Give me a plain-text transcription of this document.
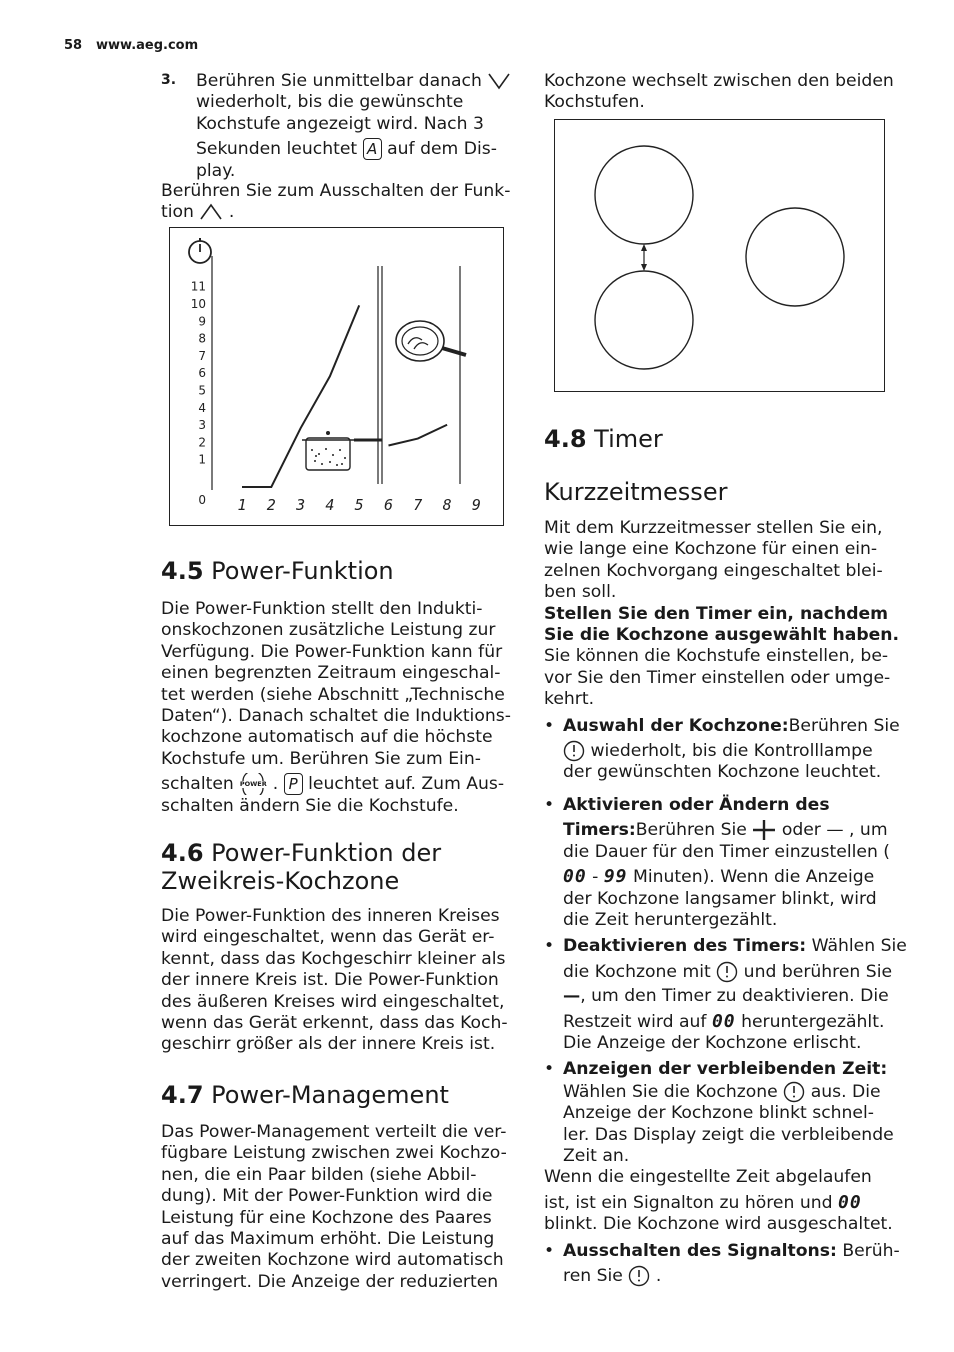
58 www.aeg.com
3. Berühren Sie unmittelbar danach
wiederholt, bis die gewünschte
Kochstufe angezeigt wird. Nach 3
Sekunden leuchtet A auf dem Dis-
play.
Berühren Sie zum Ausschalten der Funk-
tion .
11
10
9
8
7
6
5
4
3
2
1
0 1 2 3 4 5 6 7 8 9
4.5 Power-Funktion
Die Power-Funktion stellt den Indukti-
onskochzonen zusätzliche Leistung zur
Verfügung. Die Power-Funktion kann für
einen begrenzten Zeitraum eingeschal-
tet werden (siehe Abschnitt „Technische
Daten“). Danach schaltet die Induktions-
kochzone automatisch auf die höchste
Kochstufe um. Berühren Sie zum Ein-
schalten POWER . P leuchtet auf. Zum Aus-
schalten ändern Sie die Kochstufe.
4.6 Power-Funktion der
Zweikreis-Kochzone
Die Power-Funktion des inneren Kreises
wird eingeschaltet, wenn das Gerät er-
kennt, dass das Kochgeschirr kleiner als
der innere Kreis ist. Die Power-Funktion
des äußeren Kreises wird eingeschaltet,
wenn das Gerät erkennt, dass das Koch-
geschirr größer als der innere Kreis ist.
4.7 Power-Management
Das Power-Management verteilt die ver-
fügbare Leistung zwischen zwei Kochzo-
nen, die ein Paar bilden (siehe Abbil-
dung). Mit der Power-Funktion wird die
Leistung für eine Kochzone des Paares
auf das Maximum erhöht. Die Leistung
der zweiten Kochzone wird automatisch
verringert. Die Anzeige der reduzierten
Kochzone wechselt zwischen den beiden
Kochstufen.
4.8 Timer
Kurzzeitmesser
Mit dem Kurzzeitmesser stellen Sie ein,
wie lange eine Kochzone für einen ein-
zelnen Kochvorgang eingeschaltet blei-
ben soll.
Stellen Sie den Timer ein, nachdem
Sie die Kochzone ausgewählt haben.
Sie können die Kochstufe einstellen, be-
vor Sie den Timer einstellen oder umge-
kehrt.
• Auswahl der Kochzone:Berühren Sie
wiederholt, bis die Kontrolllampe
der gewünschten Kochzone leuchtet.
• Aktivieren oder Ändern des
Timers:Berühren Sie oder — , um
die Dauer für den Timer einzustellen (
00 - 99 Minuten). Wenn die Anzeige
der Kochzone langsamer blinkt, wird
die Zeit heruntergezählt.
• Deaktivieren des Timers: Wählen Sie
die Kochzone mit und berühren Sie
—, um den Timer zu deaktivieren. Die
Restzeit wird auf 00 heruntergezählt.
Die Anzeige der Kochzone erlischt.
• Anzeigen der verbleibenden Zeit:
Wählen Sie die Kochzone aus. Die
Anzeige der Kochzone blinkt schnel-
ler. Das Display zeigt die verbleibende
Zeit an.
Wenn die eingestellte Zeit abgelaufen
ist, ist ein Signalton zu hören und 00
blinkt. Die Kochzone wird ausgeschaltet.
• Ausschalten des Signaltons: Berüh-
ren Sie .
